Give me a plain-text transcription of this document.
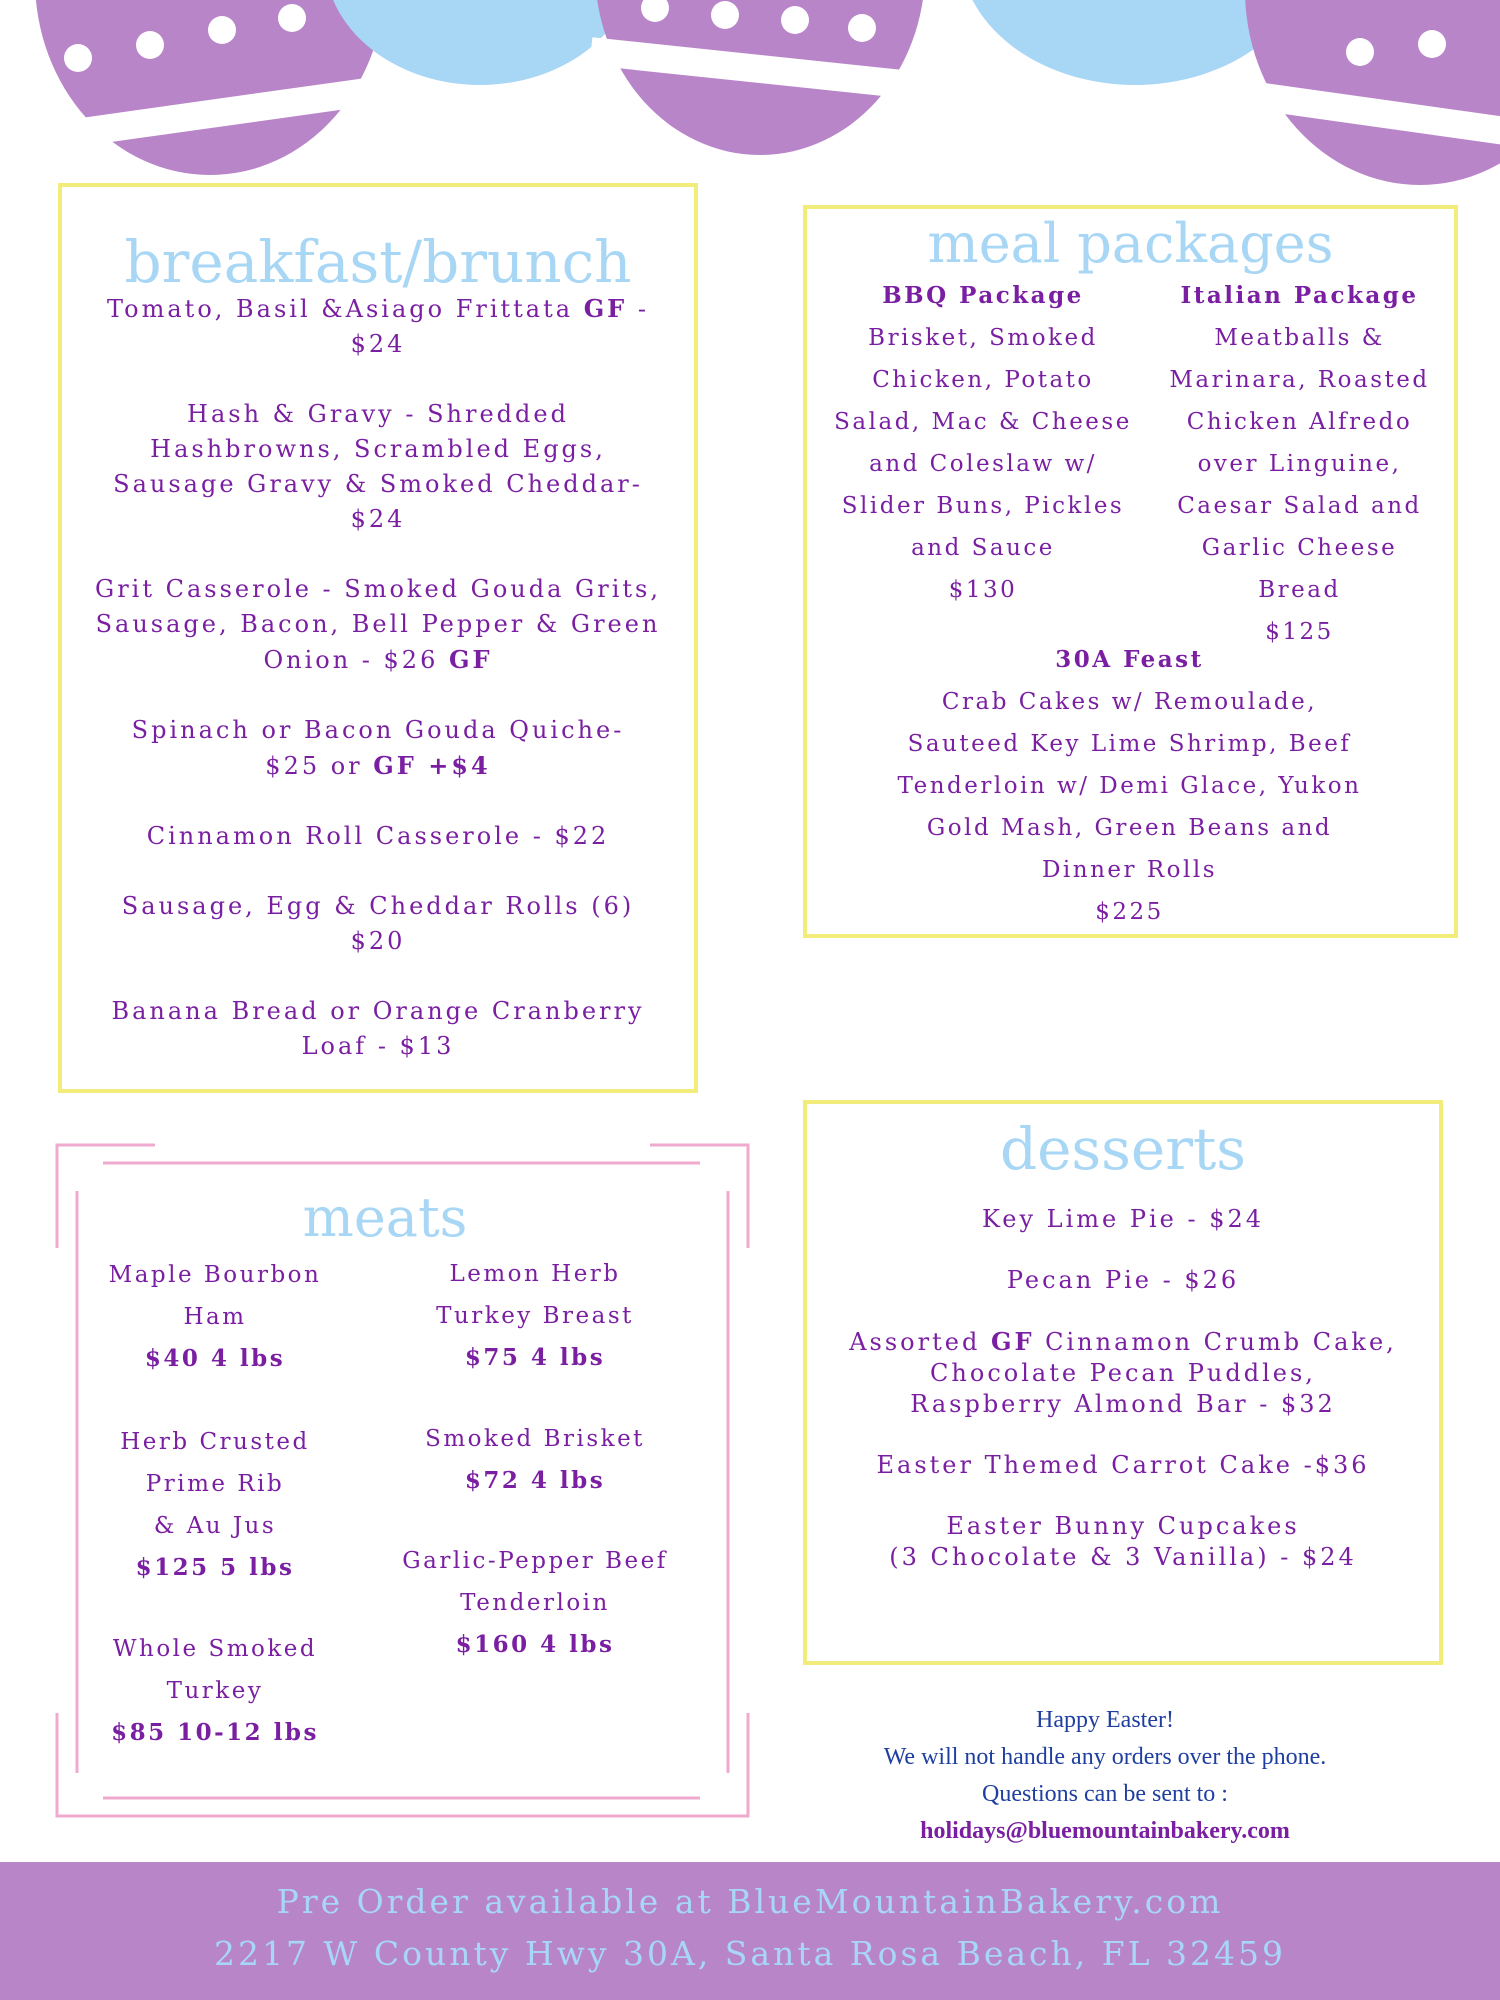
breakfast/brunch

Tomato, Basil &Asiago Frittata GF -
$24

Hash & Gravy - Shredded
Hashbrowns, Scrambled Eggs,
Sausage Gravy & Smoked Cheddar-
$24

Grit Casserole - Smoked Gouda Grits,
Sausage, Bacon, Bell Pepper & Green
Onion - $26 GF

Spinach or Bacon Gouda Quiche-
$25 or GF +$4

Cinnamon Roll Casserole - $22

Sausage, Egg & Cheddar Rolls (6)
$20

Banana Bread or Orange Cranberry
Loaf - $13

meal packages
BBQ Package
Brisket, Smoked
Chicken, Potato
Salad, Mac & Cheese
and Coleslaw w/
Slider Buns, Pickles
and Sauce
$130
Italian Package
Meatballs &
Marinara, Roasted
Chicken Alfredo
over Linguine,
Caesar Salad and
Garlic Cheese
Bread
$125
30A Feast
Crab Cakes w/ Remoulade,
Sauteed Key Lime Shrimp, Beef
Tenderloin w/ Demi Glace, Yukon
Gold Mash, Green Beans and
Dinner Rolls
$225
meats
Maple Bourbon
Ham
$40 4 lbs
Lemon Herb
Turkey Breast
$75 4 lbs
Herb Crusted
Prime Rib
& Au Jus
$125 5 lbs
Smoked Brisket
$72 4 lbs
Garlic-Pepper Beef
Tenderloin
$160 4 lbs
Whole Smoked
Turkey
$85 10-12 lbs
desserts

Key Lime Pie - $24

Pecan Pie - $26

Assorted GF Cinnamon Crumb Cake,
Chocolate Pecan Puddles,
Raspberry Almond Bar - $32

Easter Themed Carrot Cake -$36

Easter Bunny Cupcakes
(3 Chocolate & 3 Vanilla) - $24

Happy Easter!
We will not handle any orders over the phone.
Questions can be sent to :
holidays@bluemountainbakery.com
Pre Order available at BlueMountainBakery.com
2217 W County Hwy 30A, Santa Rosa Beach, FL 32459
